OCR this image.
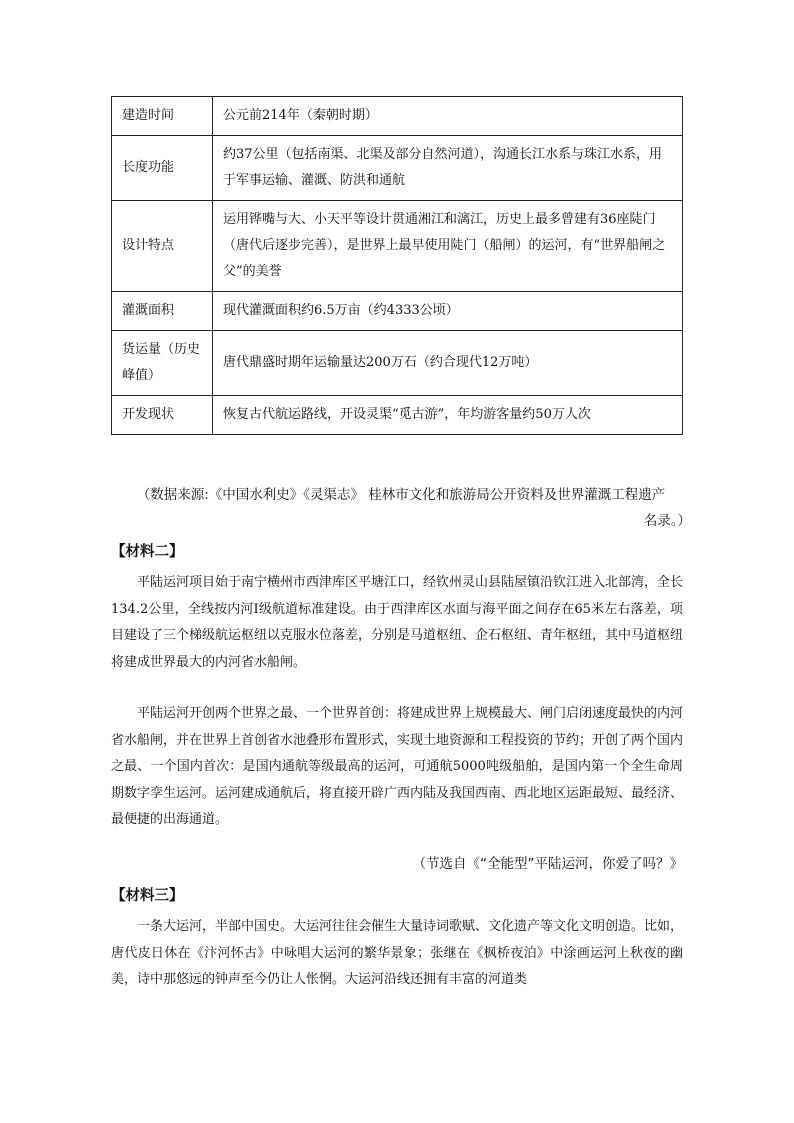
建造时间	公元前214年（秦朝时期）
长度功能	约37公里（包括南渠、北渠及部分自然河道），沟通长江水系与珠江水系，用于军事运输、灌溉、防洪和通航
设计特点	运用铧嘴与大、小天平等设计贯通湘江和漓江，历史上最多曾建有36座陡门（唐代后逐步完善），是世界上最早使用陡门（船闸）的运河，有“世界船闸之父”的美誉
灌溉面积	现代灌溉面积约6.5万亩（约4333公顷）
货运量（历史峰值）	唐代鼎盛时期年运输量达200万石（约合现代12万吨）
开发现状	恢复古代航运路线，开设灵渠“觅古游”，年均游客量约50万人次
（数据来源:《中国水利史》《灵渠志》 桂林市文化和旅游局公开资料及世界灌溉工程遗产
名录。）
【材料二】
平陆运河项目始于南宁横州市西津库区平塘江口，经钦州灵山县陆屋镇沿钦江进入北部湾，全长134.2公里，全线按内河Ⅰ级航道标准建设。由于西津库区水面与海平面之间存在65米左右落差，项目建设了三个梯级航运枢纽以克服水位落差，分别是马道枢纽、企石枢纽、青年枢纽，其中马道枢纽将建成世界最大的内河省水船闸。
平陆运河开创两个世界之最、一个世界首创：将建成世界上规模最大、闸门启闭速度最快的内河省水船闸，并在世界上首创省水池叠形布置形式，实现土地资源和工程投资的节约；开创了两个国内之最、一个国内首次：是国内通航等级最高的运河，可通航5000吨级船舶，是国内第一个全生命周期数字孪生运河。运河建成通航后，将直接开辟广西内陆及我国西南、西北地区运距最短、最经济、最便捷的出海通道。
（节选自《“全能型”平陆运河，你爱了吗？》
【材料三】
一条大运河，半部中国史。大运河往往会催生大量诗词歌赋、文化遗产等文化文明创造。比如，唐代皮日休在《汴河怀古》中咏唱大运河的繁华景象；张继在《枫桥夜泊》中涂画运河上秋夜的幽美，诗中那悠远的钟声至今仍让人怅惘。大运河沿线还拥有丰富的河道类
